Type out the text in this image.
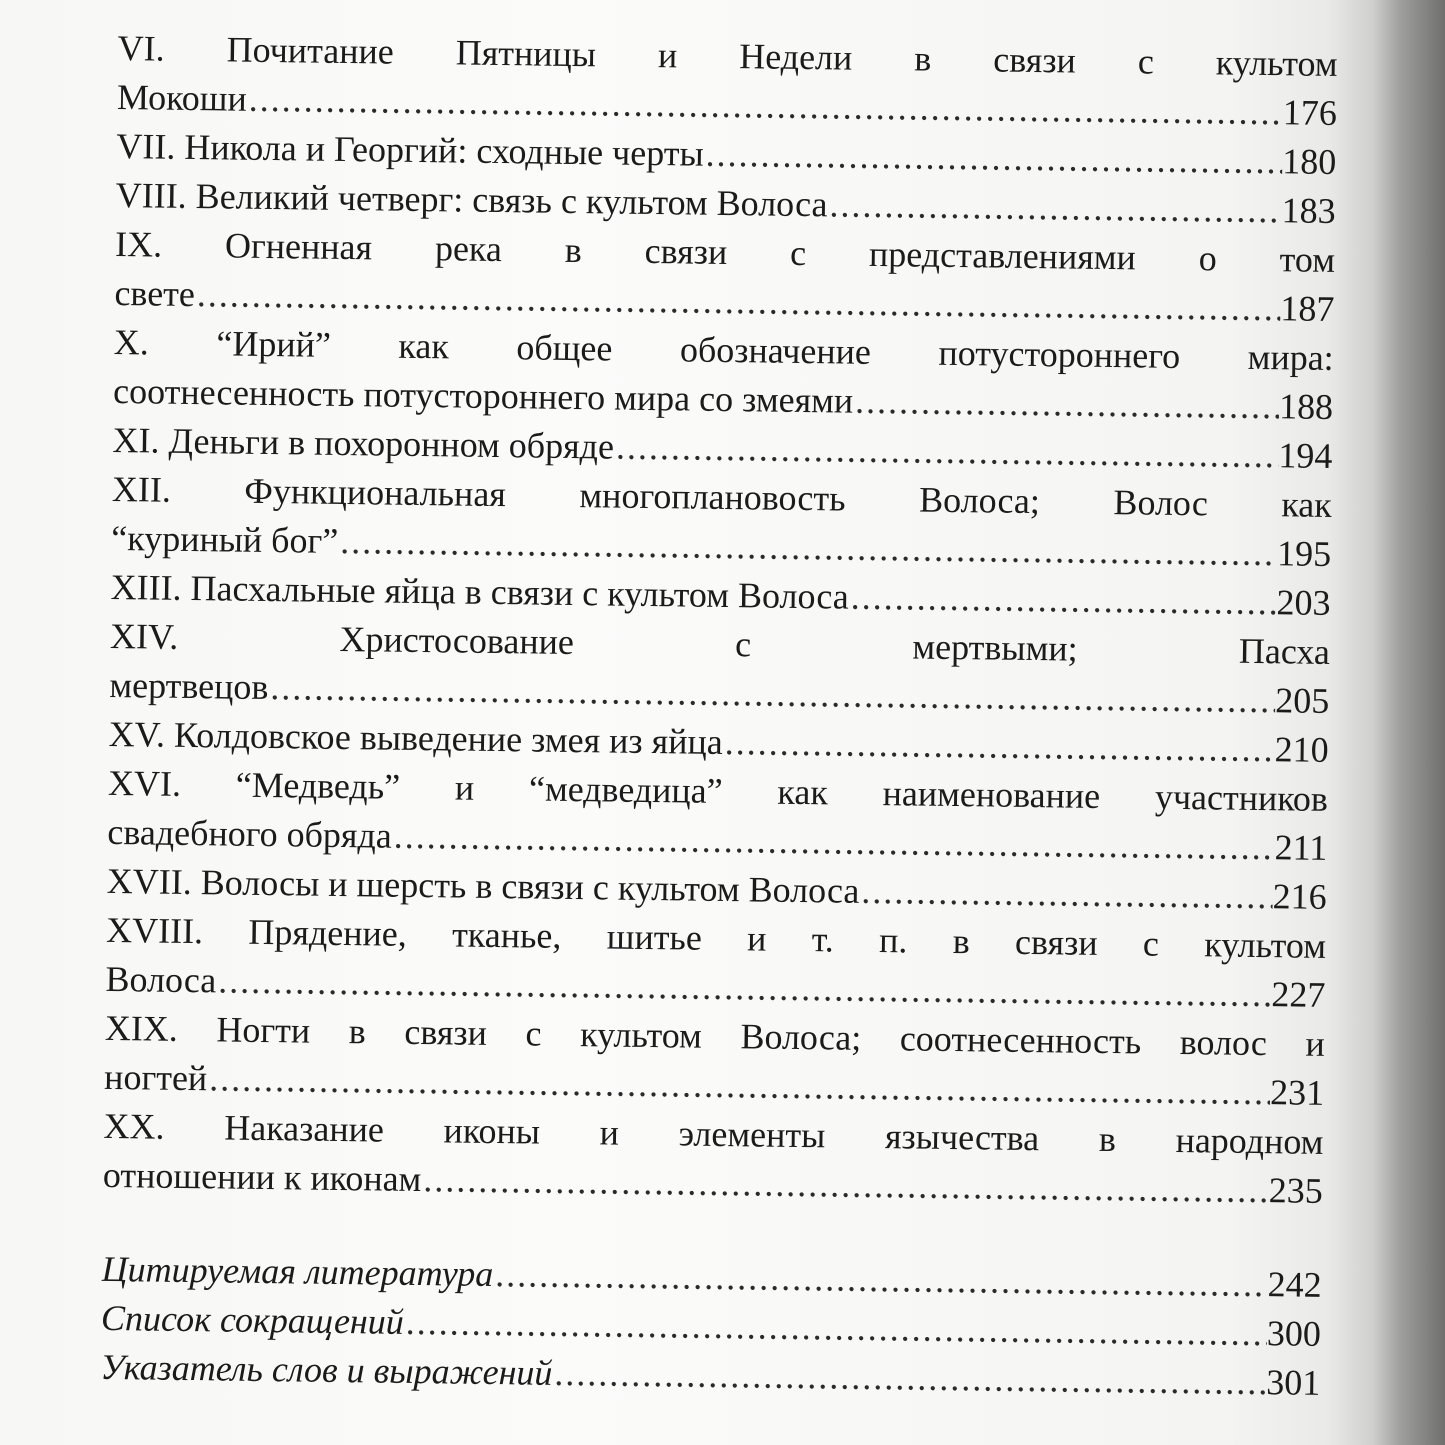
VI. Почитание Пятницы и Недели в связи с культом
Мокоши .....	176
VII. Никола и Георгий: сходные черты .....	180
VIII. Великий четверг: связь с культом Волоса .....	183
IX. Огненная река в связи с представлениями о том
свете .....	187
X. “Ирий” как общее обозначение потустороннего мира:
соотнесенность потустороннего мира со змеями .....	188
XI. Деньги в похоронном обряде .....	194
XII. Функциональная многоплановость Волоса; Волос как
“куриный бог” .....	195
XIII. Пасхальные яйца в связи с культом Волоса .....	203
XIV. Христосование с мертвыми; Пасха
мертвецов .....	205
XV. Колдовское выведение змея из яйца .....	210
XVI. “Медведь” и “медведица” как наименование участников
свадебного обряда .....	211
XVII. Волосы и шерсть в связи с культом Волоса .....	216
XVIII. Прядение, тканье, шитье и т. п. в связи с культом
Волоса .....	227
XIX. Ногти в связи с культом Волоса; соотнесенность волос и
ногтей .....	231
XX. Наказание иконы и элементы язычества в народном
отношении к иконам .....	235
Цитируемая литература .....	242
Список сокращений .....	300
Указатель слов и выражений .....	301
